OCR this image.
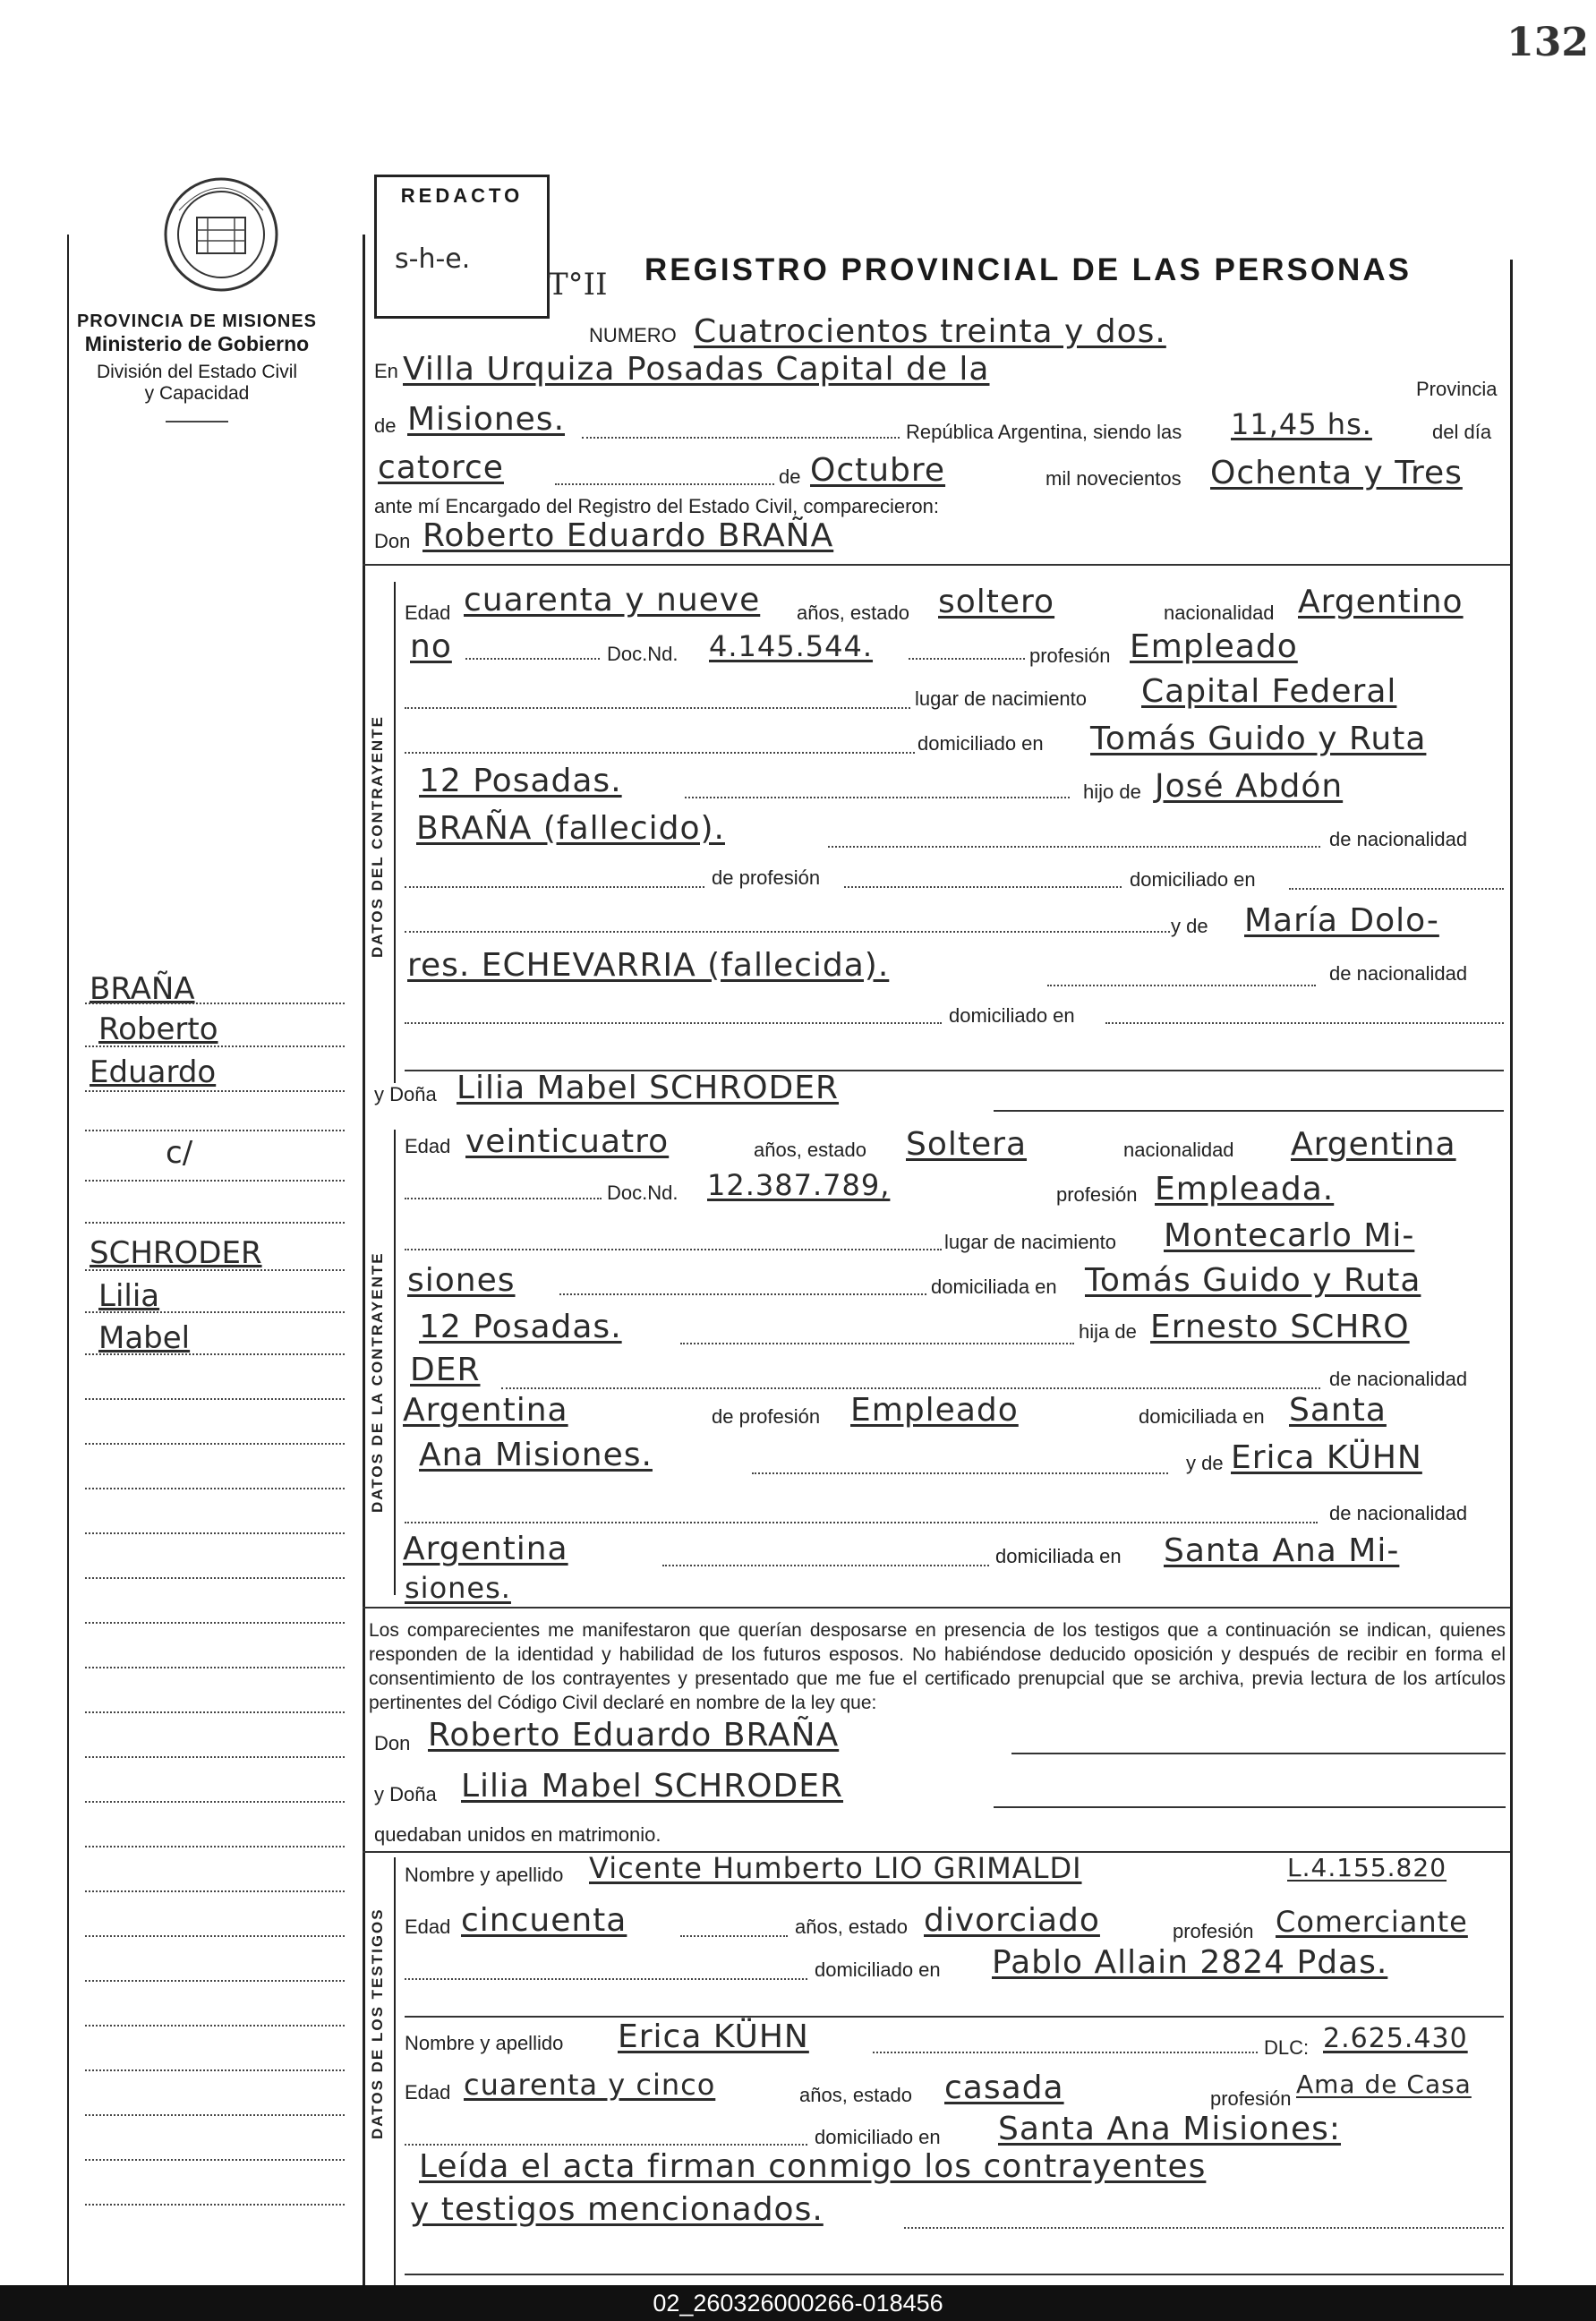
132
PROVINCIA DE MISIONES
Ministerio de Gobierno
División del Estado Civil
y Capacidad
REDACTO
s-h-e.
T°II REGISTRO PROVINCIAL DE LAS PERSONAS
NUMERO Cuatrocientos treinta y dos.
En Villa Urquiza Posadas Capital de la
Provincia
de Misiones.	República Argentina, siendo las 11,45 hs.	del día
catorce	de Octubre	mil novecientos Ochenta y Tres
ante mí Encargado del Registro del Estado Civil, comparecieron:
Don Roberto Eduardo BRAÑA
DATOS DEL CONTRAYENTE
Edad cuarenta y nueve años, estado soltero	nacionalidad Argentino
no	Doc.Nd. 4.145.544.	profesión Empleado
lugar de nacimiento Capital Federal
domiciliado en Tomás Guido y Ruta
12 Posadas.	hijo de José Abdón
BRAÑA (fallecido).	de nacionalidad
de profesión	domiciliado en
y de María Dolo-
res. ECHEVARRIA (fallecida).	de nacionalidad
domiciliado en
BRAÑA
Roberto
Eduardo
c/
SCHRODER
Lilia
Mabel
y Doña Lilia Mabel SCHRODER
DATOS DE LA CONTRAYENTE
Edad veinticuatro	años, estado Soltera	nacionalidad Argentina
Doc.Nd. 12.387.789,	profesión Empleada.
lugar de nacimiento Montecarlo Mi-
siones	domiciliada en Tomás Guido y Ruta
12 Posadas.	hija de Ernesto SCHRO
DER	de nacionalidad
Argentina	de profesión Empleado	domiciliada en Santa
Ana Misiones.	y de Erica KÜHN
de nacionalidad
Argentina	domiciliada en Santa Ana Mi-
siones.
Los comparecientes me manifestaron que querían desposarse en presencia de los testigos que a continuación se indican, quienes responden de la identidad y habilidad de los futuros esposos. No habiéndose deducido oposición y después de recibir en forma el consentimiento de los contrayentes y presentado que me fue el certificado prenupcial que se archiva, previa lectura de los artículos pertinentes del Código Civil declaré en nombre de la ley que:
Don Roberto Eduardo BRAÑA
y Doña Lilia Mabel SCHRODER
quedaban unidos en matrimonio.
DATOS DE LOS TESTIGOS
Nombre y apellido Vicente Humberto LIO GRIMALDI	L.4.155.820
Edad cincuenta	años, estado divorciado	profesión Comerciante
domiciliado en Pablo Allain 2824 Pdas.
Nombre y apellido Erica KÜHN	DLC: 2.625.430
Edad cuarenta y cinco	años, estado casada	profesión Ama de Casa
domiciliado en Santa Ana Misiones:
Leída el acta firman conmigo los contrayentes
y testigos mencionados.
02_260326000266-018456
